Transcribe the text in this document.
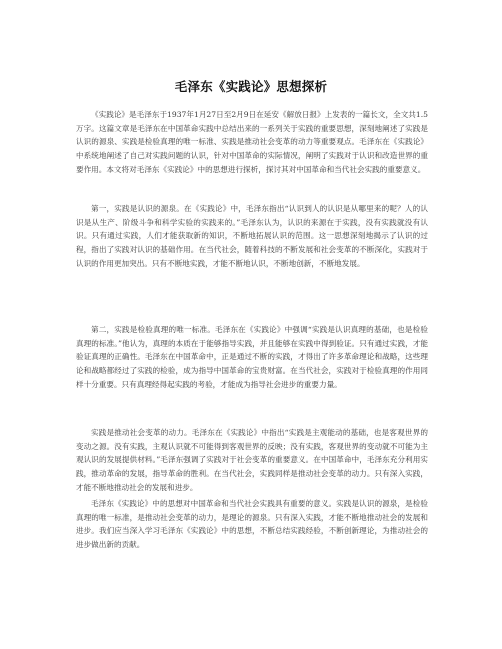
毛泽东《实践论》思想探析

《实践论》是毛泽东于1937年1月27日至2月9日在延安《解放日报》上发表的一篇长文，全文共1.5万字。这篇文章是毛泽东在中国革命实践中总结出来的一系列关于实践的重要思想，深刻地阐述了实践是认识的源泉、实践是检验真理的唯一标准、实践是推动社会变革的动力等重要观点。毛泽东在《实践论》中系统地阐述了自己对实践问题的认识，针对中国革命的实际情况，阐明了实践对于认识和改造世界的重要作用。本文将对毛泽东《实践论》中的思想进行探析，探讨其对中国革命和当代社会实践的重要意义。

第一，实践是认识的源泉。在《实践论》中，毛泽东指出“认识到人的认识是从哪里来的呢？人的认识是从生产、阶级斗争和科学实验的实践来的。”毛泽东认为，认识的来源在于实践，没有实践就没有认识。只有通过实践，人们才能获取新的知识，不断地拓展认识的范围。这一思想深刻地揭示了认识的过程，指出了实践对认识的基础作用。在当代社会，随着科技的不断发展和社会变革的不断深化，实践对于认识的作用更加突出。只有不断地实践，才能不断地认识，不断地创新，不断地发展。

第二，实践是检验真理的唯一标准。毛泽东在《实践论》中强调“实践是认识真理的基础，也是检验真理的标准。”他认为，真理的本质在于能够指导实践，并且能够在实践中得到验证。只有通过实践，才能验证真理的正确性。毛泽东在中国革命中，正是通过不断的实践，才得出了许多革命理论和战略，这些理论和战略都经过了实践的检验，成为指导中国革命的宝贵财富。在当代社会，实践对于检验真理的作用同样十分重要。只有真理经得起实践的考验，才能成为指导社会进步的重要力量。

实践是推动社会变革的动力。毛泽东在《实践论》中指出“实践是主观能动的基础，也是客观世界的变动之源。没有实践，主观认识就不可能得到客观世界的反映；没有实践，客观世界的变动就不可能为主观认识的发展提供材料。”毛泽东强调了实践对于社会变革的重要意义。在中国革命中，毛泽东充分利用实践，推动革命的发展，指导革命的胜利。在当代社会，实践同样是推动社会变革的动力。只有深入实践，才能不断地推动社会的发展和进步。

毛泽东《实践论》中的思想对中国革命和当代社会实践具有重要的意义。实践是认识的源泉，是检验真理的唯一标准，是推动社会变革的动力，是理论的源泉。只有深入实践，才能不断地推动社会的发展和进步。我们应当深入学习毛泽东《实践论》中的思想，不断总结实践经验，不断创新理论，为推动社会的进步做出新的贡献。
